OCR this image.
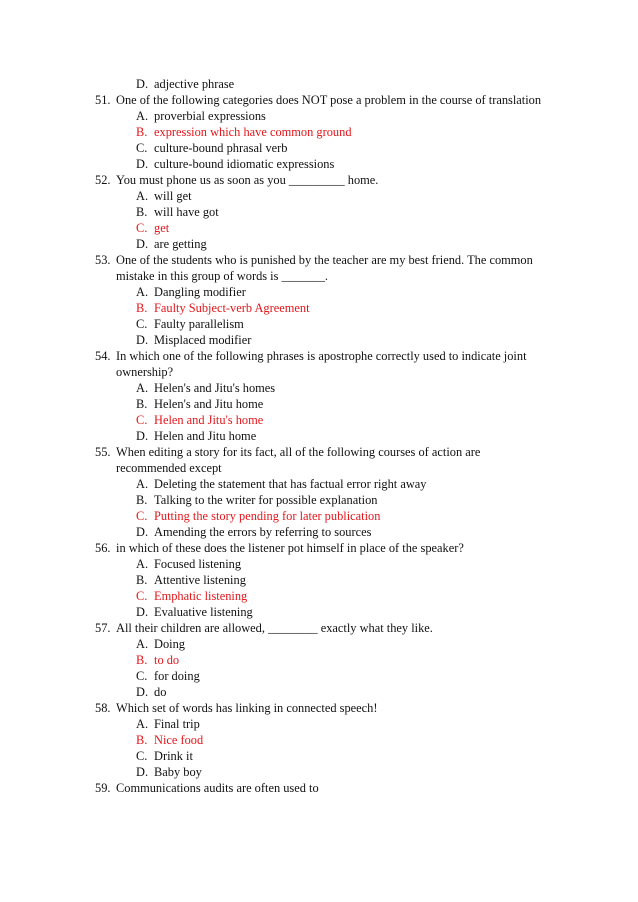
D. adjective phrase
51. One of the following categories does NOT pose a problem in the course of translation
A. proverbial expressions
B. expression which have common ground
C. culture-bound phrasal verb
D. culture-bound idiomatic expressions
52. You must phone us as soon as you _________ home.
A. will get
B. will have got
C. get
D. are getting
53. One of the students who is punished by the teacher are my best friend. The common
mistake in this group of words is _______.
A. Dangling modifier
B. Faulty Subject-verb Agreement
C. Faulty parallelism
D. Misplaced modifier
54. In which one of the following phrases is apostrophe correctly used to indicate joint
ownership?
A. Helen's and Jitu's homes
B. Helen's and Jitu home
C. Helen and Jitu's home
D. Helen and Jitu home
55. When editing a story for its fact, all of the following courses of action are
recommended except
A. Deleting the statement that has factual error right away
B. Talking to the writer for possible explanation
C. Putting the story pending for later publication
D. Amending the errors by referring to sources
56. in which of these does the listener pot himself in place of the speaker?
A. Focused listening
B. Attentive listening
C. Emphatic listening
D. Evaluative listening
57. All their children are allowed, ________ exactly what they like.
A. Doing
B. to do
C. for doing
D. do
58. Which set of words has linking in connected speech!
A. Final trip
B. Nice food
C. Drink it
D. Baby boy
59. Communications audits are often used to
